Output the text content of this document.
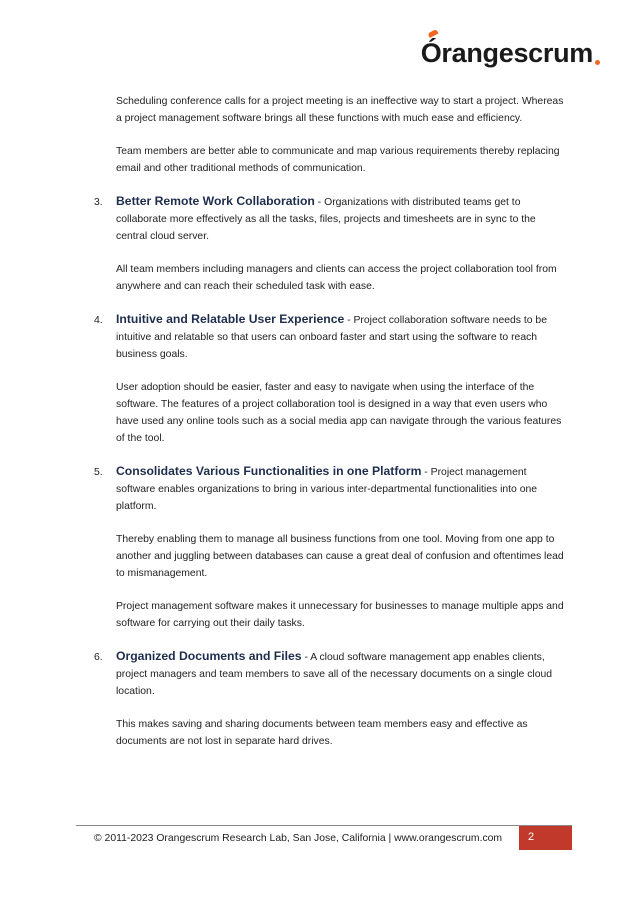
Órangescrum

Scheduling conference calls for a project meeting is an ineffective way to start a project. Whereas a project management software brings all these functions with much ease and efficiency.

Team members are better able to communicate and map various requirements thereby replacing email and other traditional methods of communication.

3. Better Remote Work Collaboration - Organizations with distributed teams get to collaborate more effectively as all the tasks, files, projects and timesheets are in sync to the central cloud server.

All team members including managers and clients can access the project collaboration tool from anywhere and can reach their scheduled task with ease.

4. Intuitive and Relatable User Experience - Project collaboration software needs to be intuitive and relatable so that users can onboard faster and start using the software to reach business goals.

User adoption should be easier, faster and easy to navigate when using the interface of the software. The features of a project collaboration tool is designed in a way that even users who have used any online tools such as a social media app can navigate through the various features of the tool.

5. Consolidates Various Functionalities in one Platform - Project management software enables organizations to bring in various inter-departmental functionalities into one platform.

Thereby enabling them to manage all business functions from one tool. Moving from one app to another and juggling between databases can cause a great deal of confusion and oftentimes lead to mismanagement.

Project management software makes it unnecessary for businesses to manage multiple apps and software for carrying out their daily tasks.

6. Organized Documents and Files - A cloud software management app enables clients, project managers and team members to save all of the necessary documents on a single cloud location.

This makes saving and sharing documents between team members easy and effective as documents are not lost in separate hard drives.

© 2011-2023 Orangescrum Research Lab, San Jose, California | www.orangescrum.com	2
